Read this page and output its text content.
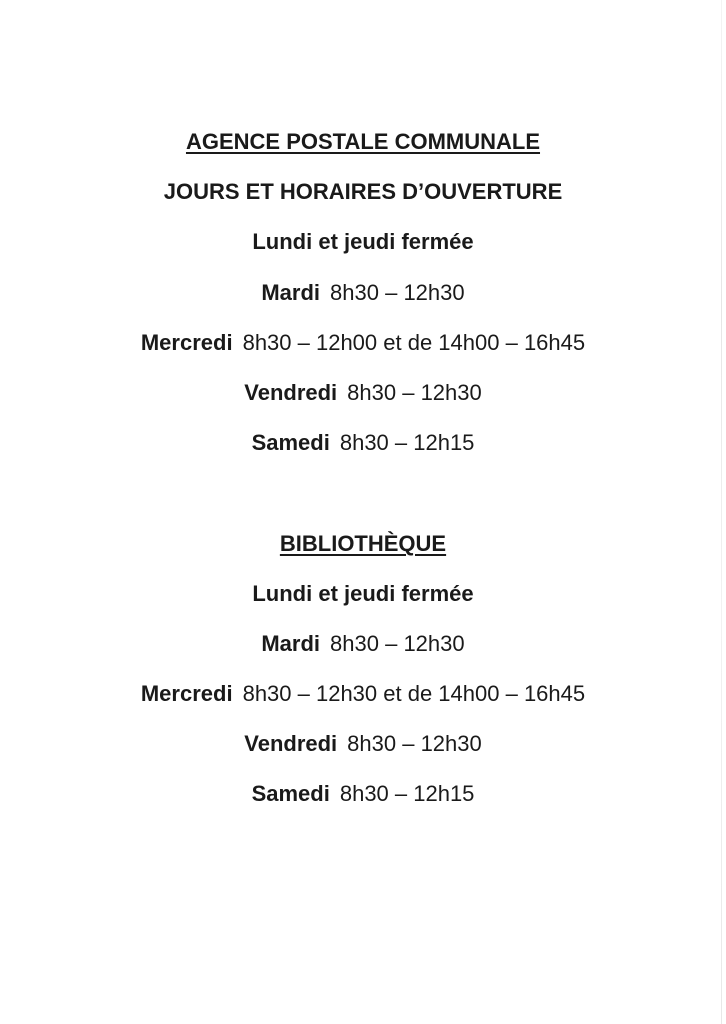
AGENCE POSTALE COMMUNALE
JOURS ET HORAIRES D’OUVERTURE
Lundi et jeudi fermée
Mardi 8h30 – 12h30
Mercredi 8h30 – 12h00 et de 14h00 – 16h45
Vendredi 8h30 – 12h30
Samedi 8h30 – 12h15
BIBLIOTHÈQUE
Lundi et jeudi fermée
Mardi 8h30 – 12h30
Mercredi 8h30 – 12h30 et de 14h00 – 16h45
Vendredi 8h30 – 12h30
Samedi 8h30 – 12h15
